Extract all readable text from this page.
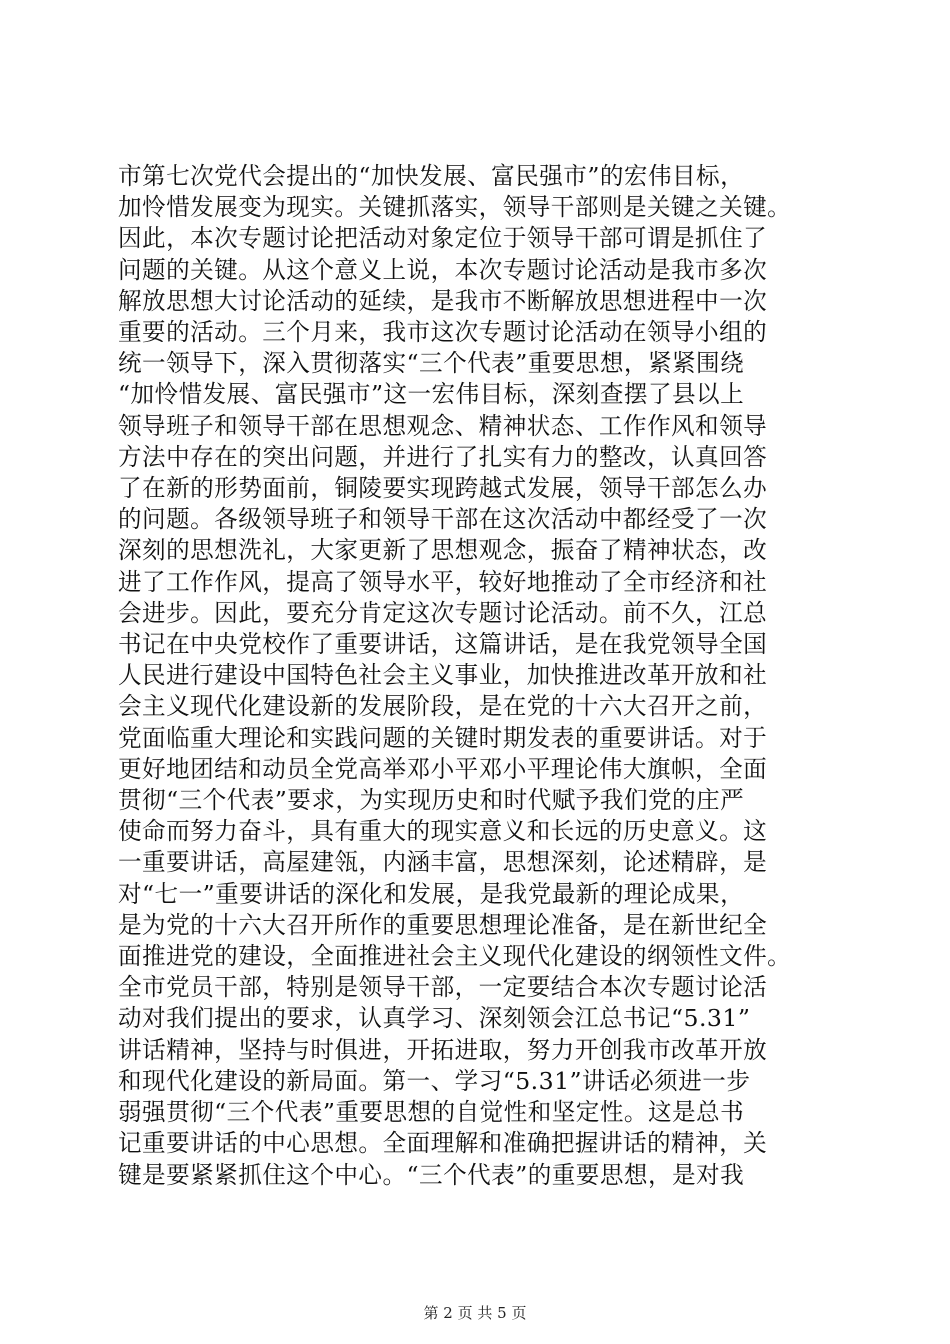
市第七次党代会提出的“加快发展、富民强市”的宏伟目标，
加怜惜发展变为现实。关键抓落实，领导干部则是关键之关键。
因此，本次专题讨论把活动对象定位于领导干部可谓是抓住了
问题的关键。从这个意义上说，本次专题讨论活动是我市多次
解放思想大讨论活动的延续，是我市不断解放思想进程中一次
重要的活动。三个月来，我市这次专题讨论活动在领导小组的
统一领导下，深入贯彻落实“三个代表”重要思想，紧紧围绕
“加怜惜发展、富民强市”这一宏伟目标，深刻查摆了县以上
领导班子和领导干部在思想观念、精神状态、工作作风和领导
方法中存在的突出问题，并进行了扎实有力的整改，认真回答
了在新的形势面前，铜陵要实现跨越式发展，领导干部怎么办
的问题。各级领导班子和领导干部在这次活动中都经受了一次
深刻的思想洗礼，大家更新了思想观念，振奋了精神状态，改
进了工作作风，提高了领导水平，较好地推动了全市经济和社
会进步。因此，要充分肯定这次专题讨论活动。前不久，江总
书记在中央党校作了重要讲话，这篇讲话，是在我党领导全国
人民进行建设中国特色社会主义事业，加快推进改革开放和社
会主义现代化建设新的发展阶段，是在党的十六大召开之前，
党面临重大理论和实践问题的关键时期发表的重要讲话。对于
更好地团结和动员全党高举邓小平邓小平理论伟大旗帜，全面
贯彻“三个代表”要求，为实现历史和时代赋予我们党的庄严
使命而努力奋斗，具有重大的现实意义和长远的历史意义。这
一重要讲话，高屋建瓴，内涵丰富，思想深刻，论述精辟，是
对“七一”重要讲话的深化和发展，是我党最新的理论成果，
是为党的十六大召开所作的重要思想理论准备，是在新世纪全
面推进党的建设，全面推进社会主义现代化建设的纲领性文件。
全市党员干部，特别是领导干部，一定要结合本次专题讨论活
动对我们提出的要求，认真学习、深刻领会江总书记“5.31”
讲话精神，坚持与时俱进，开拓进取，努力开创我市改革开放
和现代化建设的新局面。第一、学习“5.31”讲话必须进一步
弱强贯彻“三个代表”重要思想的自觉性和坚定性。这是总书
记重要讲话的中心思想。全面理解和准确把握讲话的精神，关
键是要紧紧抓住这个中心。“三个代表”的重要思想，是对我

第 2 页 共 5 页
